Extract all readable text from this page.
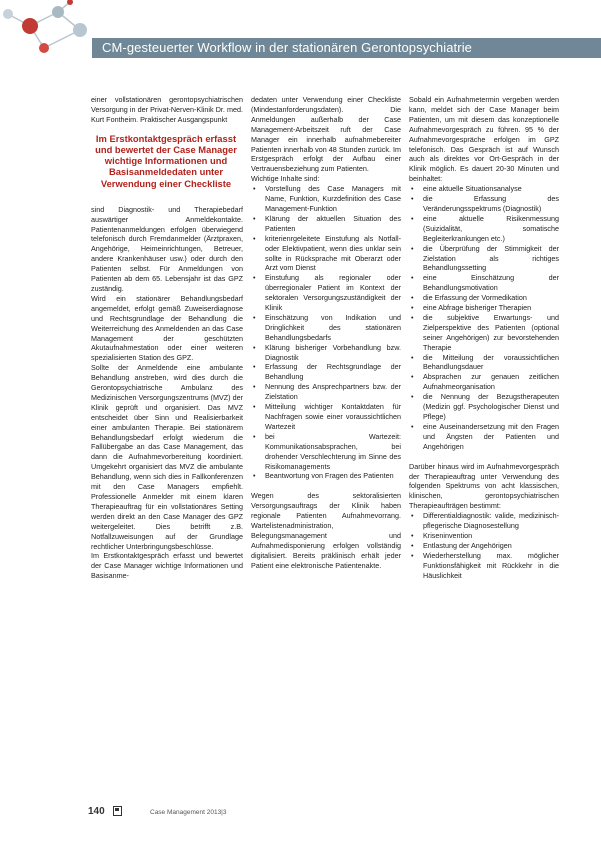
CM-gesteuerter Workflow in der stationären Gerontopsychiatrie

einer vollstationären gerontopsychiatrischen Versorgung in der Privat-Nerven-Klinik Dr. med. Kurt Fontheim. Praktischer Ausgangspunkt

Im Erstkontaktgespräch erfasst und bewertet der Case Manager wichtige Informationen und Basisanmeldedaten unter Verwendung einer Checkliste

sind Diagnostik- und Therapiebedarf auswärtiger Anmeldekontakte. Patientenanmeldungen erfolgen überwiegend telefonisch durch Fremdanmelder (Ärztpraxen, Angehörige, Heimeinrichtungen, Betreuer, andere Krankenhäuser usw.) oder durch den Patienten selbst. Für Anmeldungen von Patienten ab dem 65. Lebensjahr ist das GPZ zuständig.

Wird ein stationärer Behandlungsbedarf angemeldet, erfolgt gemäß Zuweiserdiagnose und Rechtsgrundlage der Behandlung die Weiterreichung des Anmeldenden an das Case Management der geschützten Akutaufnahmestation oder einer weiteren spezialisierten Station des GPZ.

Sollte der Anmeldende eine ambulante Behandlung anstreben, wird dies durch die Gerontopsychiatrische Ambulanz des Medizinischen Versorgungszentrums (MVZ) der Klinik geprüft und organisiert. Das MVZ entscheidet über Sinn und Realisierbarkeit einer ambulanten Therapie. Bei stationärem Behandlungsbedarf erfolgt wiederum die Fallübergabe an das Case Management, das dann die Aufnahmevorbereitung koordiniert. Umgekehrt organisiert das MVZ die ambulante Behandlung, wenn sich dies in Fallkonferenzen mit den Case Managers empfiehlt. Professionelle Anmelder mit einem klaren Therapieauftrag für ein vollstationäres Setting werden direkt an den Case Manager des GPZ weitergeleitet. Dies betrifft z.B. Notfallzuweisungen auf der Grundlage rechtlicher Unterbringungsbeschlüsse.

Im Erstkontaktgespräch erfasst und bewertet der Case Manager wichtige Informationen und Basisanme-

dedaten unter Verwendung einer Checkliste (Mindestanforderungsdaten). Die Anmeldungen außerhalb der Case Management-Arbeitszeit ruft der Case Manager ein innerhalb aufnahmebereiter Patienten innerhalb von 48 Stunden zurück. Im Erstgespräch erfolgt der Aufbau einer Vertrauensbeziehung zum Patienten.

Wichtige Inhalte sind:

• Vorstellung des Case Managers mit Name, Funktion, Kurzdefinition des Case Management-Funktion
• Klärung der aktuellen Situation des Patienten
• kriterienrgeleitete Einstufung als Notfall- oder Elektivpatient, wenn dies unklar sein sollte in Rücksprache mit Oberarzt oder Arzt vom Dienst
• Einstufung als regionaler oder überregionaler Patient im Kontext der sektoralen Versorgungszuständigkeit der Klinik
• Einschätzung von Indikation und Dringlichkeit des stationären Behandlungsbedarfs
• Klärung bisheriger Vorbehandlung bzw. Diagnostik
• Erfassung der Rechtsgrundlage der Behandlung
• Nennung des Ansprechpartners bzw. der Zielstation
• Mitteilung wichtiger Kontaktdaten für Nachfragen sowie einer voraussichtlichen Wartezeit
• bei Wartezeit: Kommunikationsabsprachen, bei drohender Verschlechterung im Sinne des Risikomanagements
• Beantwortung von Fragen des Patienten

Wegen des sektoralisierten Versorgungsauftrags der Klinik haben regionale Patienten Aufnahmevorrang. Wartelistenadministration, Belegungsmanagement und Aufnahmedisponierung erfolgen vollständig digitalisiert. Bereits präklinisch erhält jeder Patient eine elektronische Patientenakte.

Sobald ein Aufnahmetermin vergeben werden kann, meldet sich der Case Manager beim Patienten, um mit diesem das konzeptionelle Aufnahmevorgespräch zu führen. 95 % der Aufnahmevorgespräche erfolgen im GPZ telefonisch. Das Gespräch ist auf Wunsch auch als direktes vor Ort-Gespräch in der Klinik möglich. Es dauert 20-30 Minuten und beinhaltet:

• eine aktuelle Situationsanalyse
• die Erfassung des Veränderungsspektrums (Diagnostik)
• eine aktuelle Risikenmessung (Suizidalität, somatische Begleiterkrankungen etc.)
• die Überprüfung der Stimmigkeit der Zielstation als richtiges Behandlungssetting
• eine Einschätzung der Behandlungsmotivation
• die Erfassung der Vormedikation
• eine Abfrage bisheriger Therapien
• die subjektive Erwartungs- und Zielperspektive des Patienten (optional seiner Angehörigen) zur bevorstehenden Therapie
• die Mitteilung der voraussichtlichen Behandlungsdauer
• Absprachen zur genauen zeitlichen Aufnahmeorganisation
• die Nennung der Bezugstherapeuten (Medizin ggf. Psychologischer Dienst und Pflege)
• eine Auseinandersetzung mit den Fragen und Ängsten der Patienten und Angehörigen

Darüber hinaus wird im Aufnahmevorgespräch der Therapieauftrag unter Verwendung des folgenden Spektrums von acht klassischen, klinischen, gerontopsychiatrischen Therapieaufträgen bestimmt:

• Differentialdiagnostik: valide, medizinisch-pflegerische Diagnosestellung
• Kriseninvention
• Entlastung der Angehörigen
• Wiederherstellung max. möglicher Funktionsfähigkeit mit Rückkehr in die Häuslichkeit
140	Case Management 2013|3
